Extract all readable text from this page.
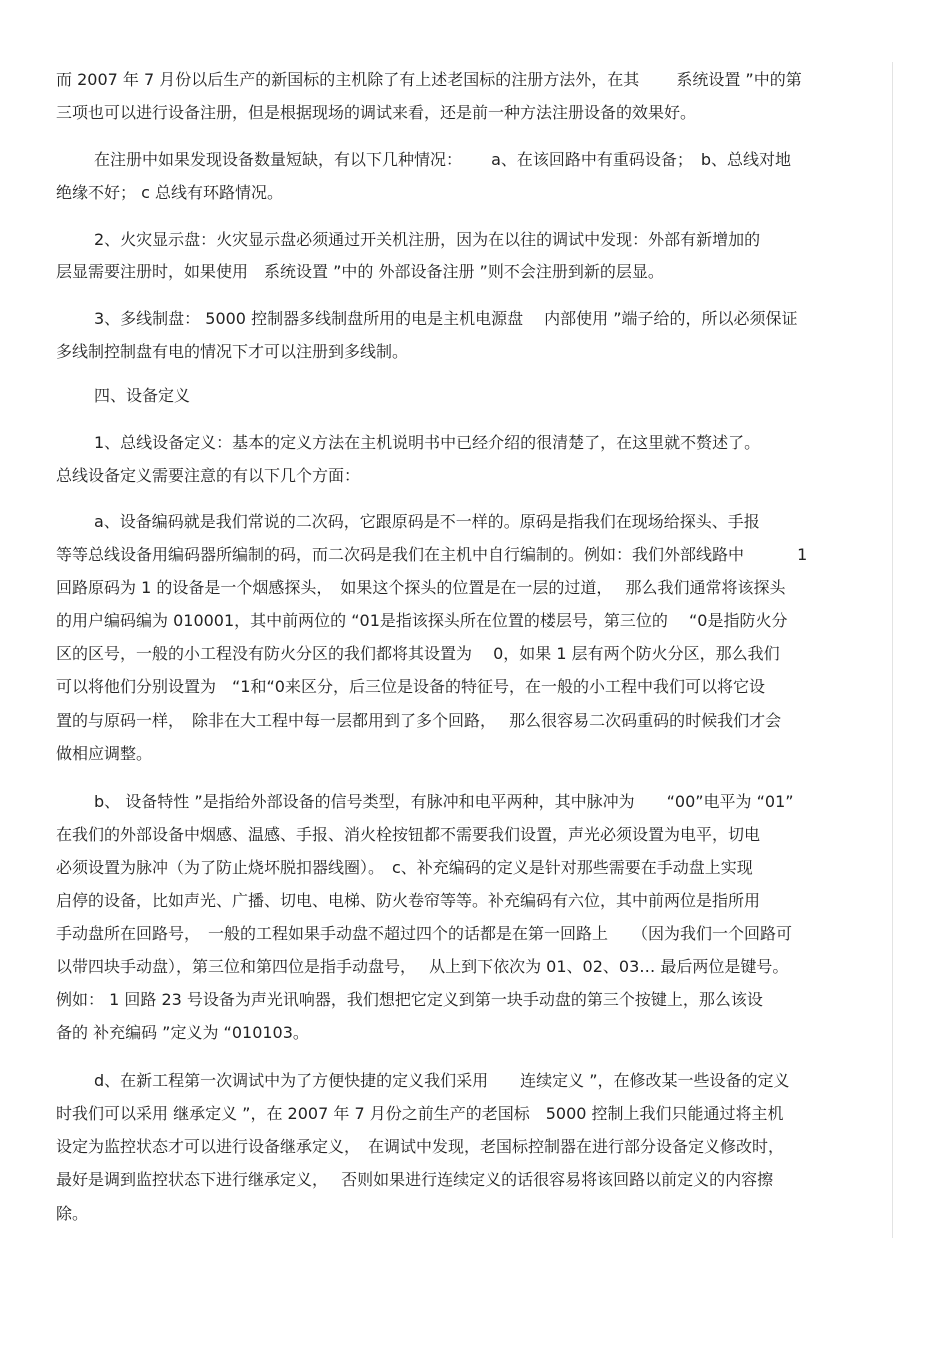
而 2007 年 7 月份以后生产的新国标的主机除了有上述老国标的注册方法外，在其　　 系统设置 ”中的第
三项也可以进行设备注册，但是根据现场的调试来看，还是前一种方法注册设备的效果好。
在注册中如果发现设备数量短缺，有以下几种情况：　　 a、在该回路中有重码设备；　b、总线对地
绝缘不好； c 总线有环路情况。
2、火灾显示盘：火灾显示盘必须通过开关机注册，因为在以往的调试中发现：外部有新增加的
层显需要注册时，如果使用　系统设置 ”中的 外部设备注册 ”则不会注册到新的层显。
3、多线制盘： 5000 控制器多线制盘所用的电是主机电源盘　 内部使用 ”端子给的，所以必须保证
多线制控制盘有电的情况下才可以注册到多线制。
四、设备定义
1、总线设备定义：基本的定义方法在主机说明书中已经介绍的很清楚了，在这里就不赘述了。
总线设备定义需要注意的有以下几个方面：
a、设备编码就是我们常说的二次码，它跟原码是不一样的。原码是指我们在现场给探头、手报
等等总线设备用编码器所编制的码，而二次码是我们在主机中自行编制的。例如：我们外部线路中　　　 1
回路原码为 1 的设备是一个烟感探头，　如果这个探头的位置是在一层的过道，　 那么我们通常将该探头
的用户编码编为 010001，其中前两位的 “01是指该探头所在位置的楼层号，第三位的　 “0是指防火分
区的区号，一般的小工程没有防火分区的我们都将其设置为　 0，如果 1 层有两个防火分区，那么我们
可以将他们分别设置为　“1和“0来区分，后三位是设备的特征号，在一般的小工程中我们可以将它设
置的与原码一样，　除非在大工程中每一层都用到了多个回路，　 那么很容易二次码重码的时候我们才会
做相应调整。
b、 设备特性 ”是指给外部设备的信号类型，有脉冲和电平两种，其中脉冲为　　“00”电平为 “01”
在我们的外部设备中烟感、温感、手报、消火栓按钮都不需要我们设置，声光必须设置为电平，切电
必须设置为脉冲（为了防止烧坏脱扣器线圈）。　c、补充编码的定义是针对那些需要在手动盘上实现
启停的设备，比如声光、广播、切电、电梯、防火卷帘等等。补充编码有六位，其中前两位是指所用
手动盘所在回路号，　一般的工程如果手动盘不超过四个的话都是在第一回路上　　（因为我们一个回路可
以带四块手动盘），第三位和第四位是指手动盘号，　 从上到下依次为 01、02、03… 最后两位是键号。
例如： 1 回路 23 号设备为声光讯响器，我们想把它定义到第一块手动盘的第三个按键上，那么该设
备的 补充编码 ”定义为 “010103。
d、在新工程第一次调试中为了方便快捷的定义我们采用　　连续定义 ”，在修改某一些设备的定义
时我们可以采用 继承定义 ”，在 2007 年 7 月份之前生产的老国标　5000 控制上我们只能通过将主机
设定为监控状态才可以进行设备继承定义，　在调试中发现，老国标控制器在进行部分设备定义修改时，
最好是调到监控状态下进行继承定义，　 否则如果进行连续定义的话很容易将该回路以前定义的内容擦
除。
